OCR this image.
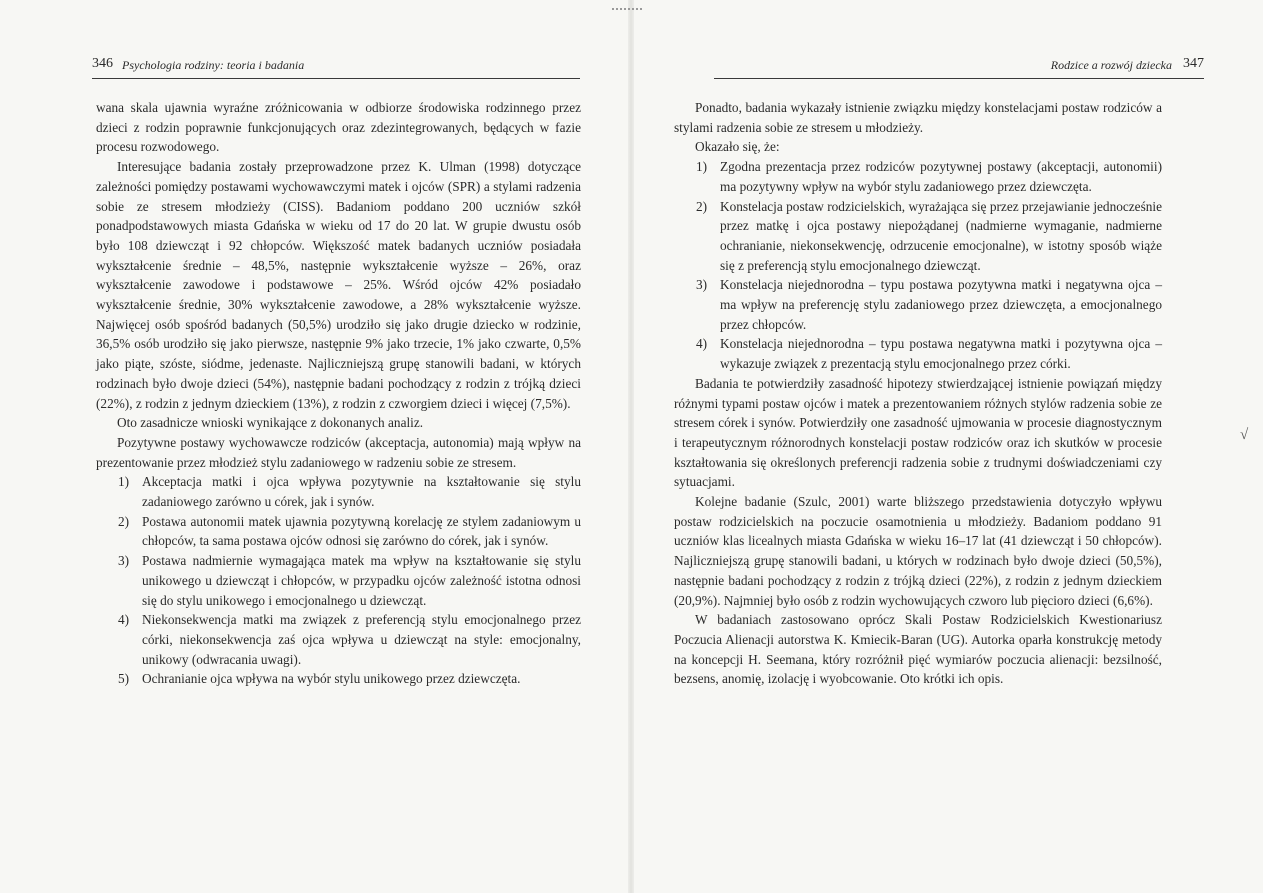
346 Psychologia rodziny: teoria i badania

wana skala ujawnia wyraźne zróżnicowania w odbiorze środowiska rodzinnego przez dzieci z rodzin poprawnie funkcjonujących oraz zdezintegrowanych, będących w fazie procesu rozwodowego.

Interesujące badania zostały przeprowadzone przez K. Ulman (1998) dotyczące zależności pomiędzy postawami wychowawczymi matek i ojców (SPR) a stylami radzenia sobie ze stresem młodzieży (CISS). Badaniom poddano 200 uczniów szkół ponadpodstawowych miasta Gdańska w wieku od 17 do 20 lat. W grupie dwustu osób było 108 dziewcząt i 92 chłopców. Większość matek badanych uczniów posiadała wykształcenie średnie – 48,5%, następnie wykształcenie wyższe – 26%, oraz wykształcenie zawodowe i podstawowe – 25%. Wśród ojców 42% posiadało wykształcenie średnie, 30% wykształcenie zawodowe, a 28% wykształcenie wyższe. Najwięcej osób spośród badanych (50,5%) urodziło się jako drugie dziecko w rodzinie, 36,5% osób urodziło się jako pierwsze, następnie 9% jako trzecie, 1% jako czwarte, 0,5% jako piąte, szóste, siódme, jedenaste. Najliczniejszą grupę stanowili badani, w których rodzinach było dwoje dzieci (54%), następnie badani pochodzący z rodzin z trójką dzieci (22%), z rodzin z jednym dzieckiem (13%), z rodzin z czworgiem dzieci i więcej (7,5%).

Oto zasadnicze wnioski wynikające z dokonanych analiz.

Pozytywne postawy wychowawcze rodziców (akceptacja, autonomia) mają wpływ na prezentowanie przez młodzież stylu zadaniowego w radzeniu sobie ze stresem.

1) Akceptacja matki i ojca wpływa pozytywnie na kształtowanie się stylu zadaniowego zarówno u córek, jak i synów.
2) Postawa autonomii matek ujawnia pozytywną korelację ze stylem zadaniowym u chłopców, ta sama postawa ojców odnosi się zarówno do córek, jak i synów.
3) Postawa nadmiernie wymagająca matek ma wpływ na kształtowanie się stylu unikowego u dziewcząt i chłopców, w przypadku ojców zależność istotna odnosi się do stylu unikowego i emocjonalnego u dziewcząt.
4) Niekonsekwencja matki ma związek z preferencją stylu emocjonalnego przez córki, niekonsekwencja zaś ojca wpływa u dziewcząt na style: emocjonalny, unikowy (odwracania uwagi).
5) Ochranianie ojca wpływa na wybór stylu unikowego przez dziewczęta.
Rodzice a rozwój dziecka 347

Ponadto, badania wykazały istnienie związku między konstelacjami postaw rodziców a stylami radzenia sobie ze stresem u młodzieży.

Okazało się, że:

1) Zgodna prezentacja przez rodziców pozytywnej postawy (akceptacji, autonomii) ma pozytywny wpływ na wybór stylu zadaniowego przez dziewczęta.
2) Konstelacja postaw rodzicielskich, wyrażająca się przez przejawianie jednocześnie przez matkę i ojca postawy niepożądanej (nadmierne wymaganie, nadmierne ochranianie, niekonsekwencję, odrzucenie emocjonalne), w istotny sposób wiąże się z preferencją stylu emocjonalnego dziewcząt.
3) Konstelacja niejednorodna – typu postawa pozytywna matki i negatywna ojca – ma wpływ na preferencję stylu zadaniowego przez dziewczęta, a emocjonalnego przez chłopców.
4) Konstelacja niejednorodna – typu postawa negatywna matki i pozytywna ojca – wykazuje związek z prezentacją stylu emocjonalnego przez córki.

Badania te potwierdziły zasadność hipotezy stwierdzającej istnienie powiązań między różnymi typami postaw ojców i matek a prezentowaniem różnych stylów radzenia sobie ze stresem córek i synów. Potwierdziły one zasadność ujmowania w procesie diagnostycznym i terapeutycznym różnorodnych konstelacji postaw rodziców oraz ich skutków w procesie kształtowania się określonych preferencji radzenia sobie z trudnymi doświadczeniami czy sytuacjami.

Kolejne badanie (Szulc, 2001) warte bliższego przedstawienia dotyczyło wpływu postaw rodzicielskich na poczucie osamotnienia u młodzieży. Badaniom poddano 91 uczniów klas licealnych miasta Gdańska w wieku 16–17 lat (41 dziewcząt i 50 chłopców). Najliczniejszą grupę stanowili badani, u których w rodzinach było dwoje dzieci (50,5%), następnie badani pochodzący z rodzin z trójką dzieci (22%), z rodzin z jednym dzieckiem (20,9%). Najmniej było osób z rodzin wychowujących czworo lub pięcioro dzieci (6,6%).

W badaniach zastosowano oprócz Skali Postaw Rodzicielskich Kwestionariusz Poczucia Alienacji autorstwa K. Kmiecik-Baran (UG). Autorka oparła konstrukcję metody na koncepcji H. Seemana, który rozróżnił pięć wymiarów poczucia alienacji: bezsilność, bezsens, anomię, izolację i wyobcowanie. Oto krótki ich opis.

√
